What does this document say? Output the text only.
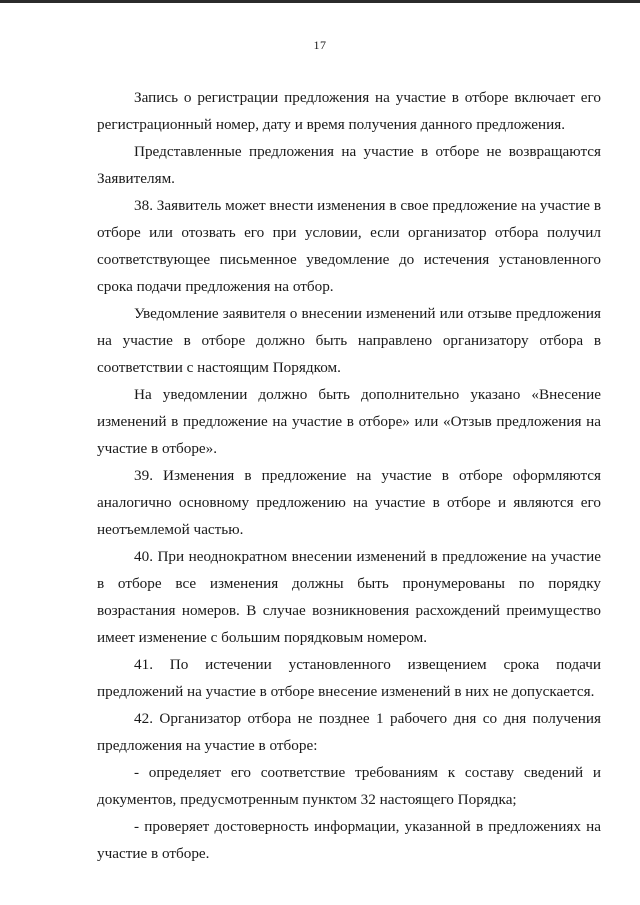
17

Запись о регистрации предложения на участие в отборе включает его регистрационный номер, дату и время получения данного предложения.

Представленные предложения на участие в отборе не возвращаются Заявителям.

38. Заявитель может внести изменения в свое предложение на участие в отборе или отозвать его при условии, если организатор отбора получил соответствующее письменное уведомление до истечения установленного срока подачи предложения на отбор.

Уведомление заявителя о внесении изменений или отзыве предложения на участие в отборе должно быть направлено организатору отбора в соответствии с настоящим Порядком.

На уведомлении должно быть дополнительно указано «Внесение изменений в предложение на участие в отборе» или «Отзыв предложения на участие в отборе».

39. Изменения в предложение на участие в отборе оформляются аналогично основному предложению на участие в отборе и являются его неотъемлемой частью.

40. При неоднократном внесении изменений в предложение на участие в отборе все изменения должны быть пронумерованы по порядку возрастания номеров. В случае возникновения расхождений преимущество имеет изменение с большим порядковым номером.

41. По истечении установленного извещением срока подачи предложений на участие в отборе внесение изменений в них не допускается.

42. Организатор отбора не позднее 1 рабочего дня со дня получения предложения на участие в отборе:

- определяет его соответствие требованиям к составу сведений и документов, предусмотренным пунктом 32 настоящего Порядка;

- проверяет достоверность информации, указанной в предложениях на участие в отборе.
